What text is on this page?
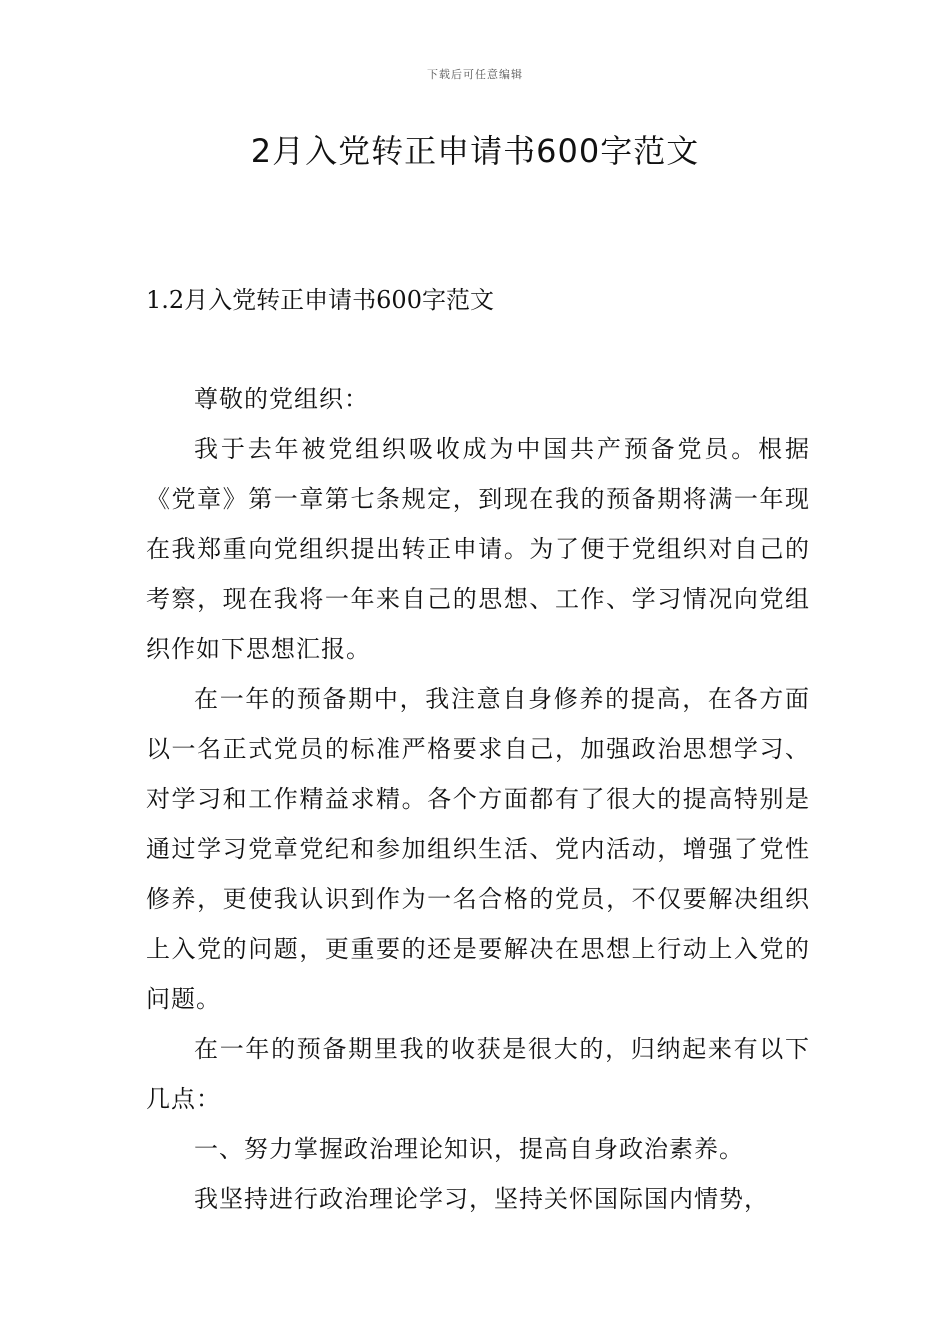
下载后可任意编辑
2月入党转正申请书600字范文
1.2月入党转正申请书600字范文

尊敬的党组织：

我于去年被党组织吸收成为中国共产预备党员。根据《党章》第一章第七条规定，到现在我的预备期将满一年现在我郑重向党组织提出转正申请。为了便于党组织对自己的考察，现在我将一年来自己的思想、工作、学习情况向党组织作如下思想汇报。

在一年的预备期中，我注意自身修养的提高，在各方面以一名正式党员的标准严格要求自己，加强政治思想学习、对学习和工作精益求精。各个方面都有了很大的提高特别是通过学习党章党纪和参加组织生活、党内活动，增强了党性修养，更使我认识到作为一名合格的党员，不仅要解决组织上入党的问题，更重要的还是要解决在思想上行动上入党的问题。

在一年的预备期里我的收获是很大的，归纳起来有以下几点：

一、努力掌握政治理论知识，提高自身政治素养。

我坚持进行政治理论学习，坚持关怀国际国内情势，
